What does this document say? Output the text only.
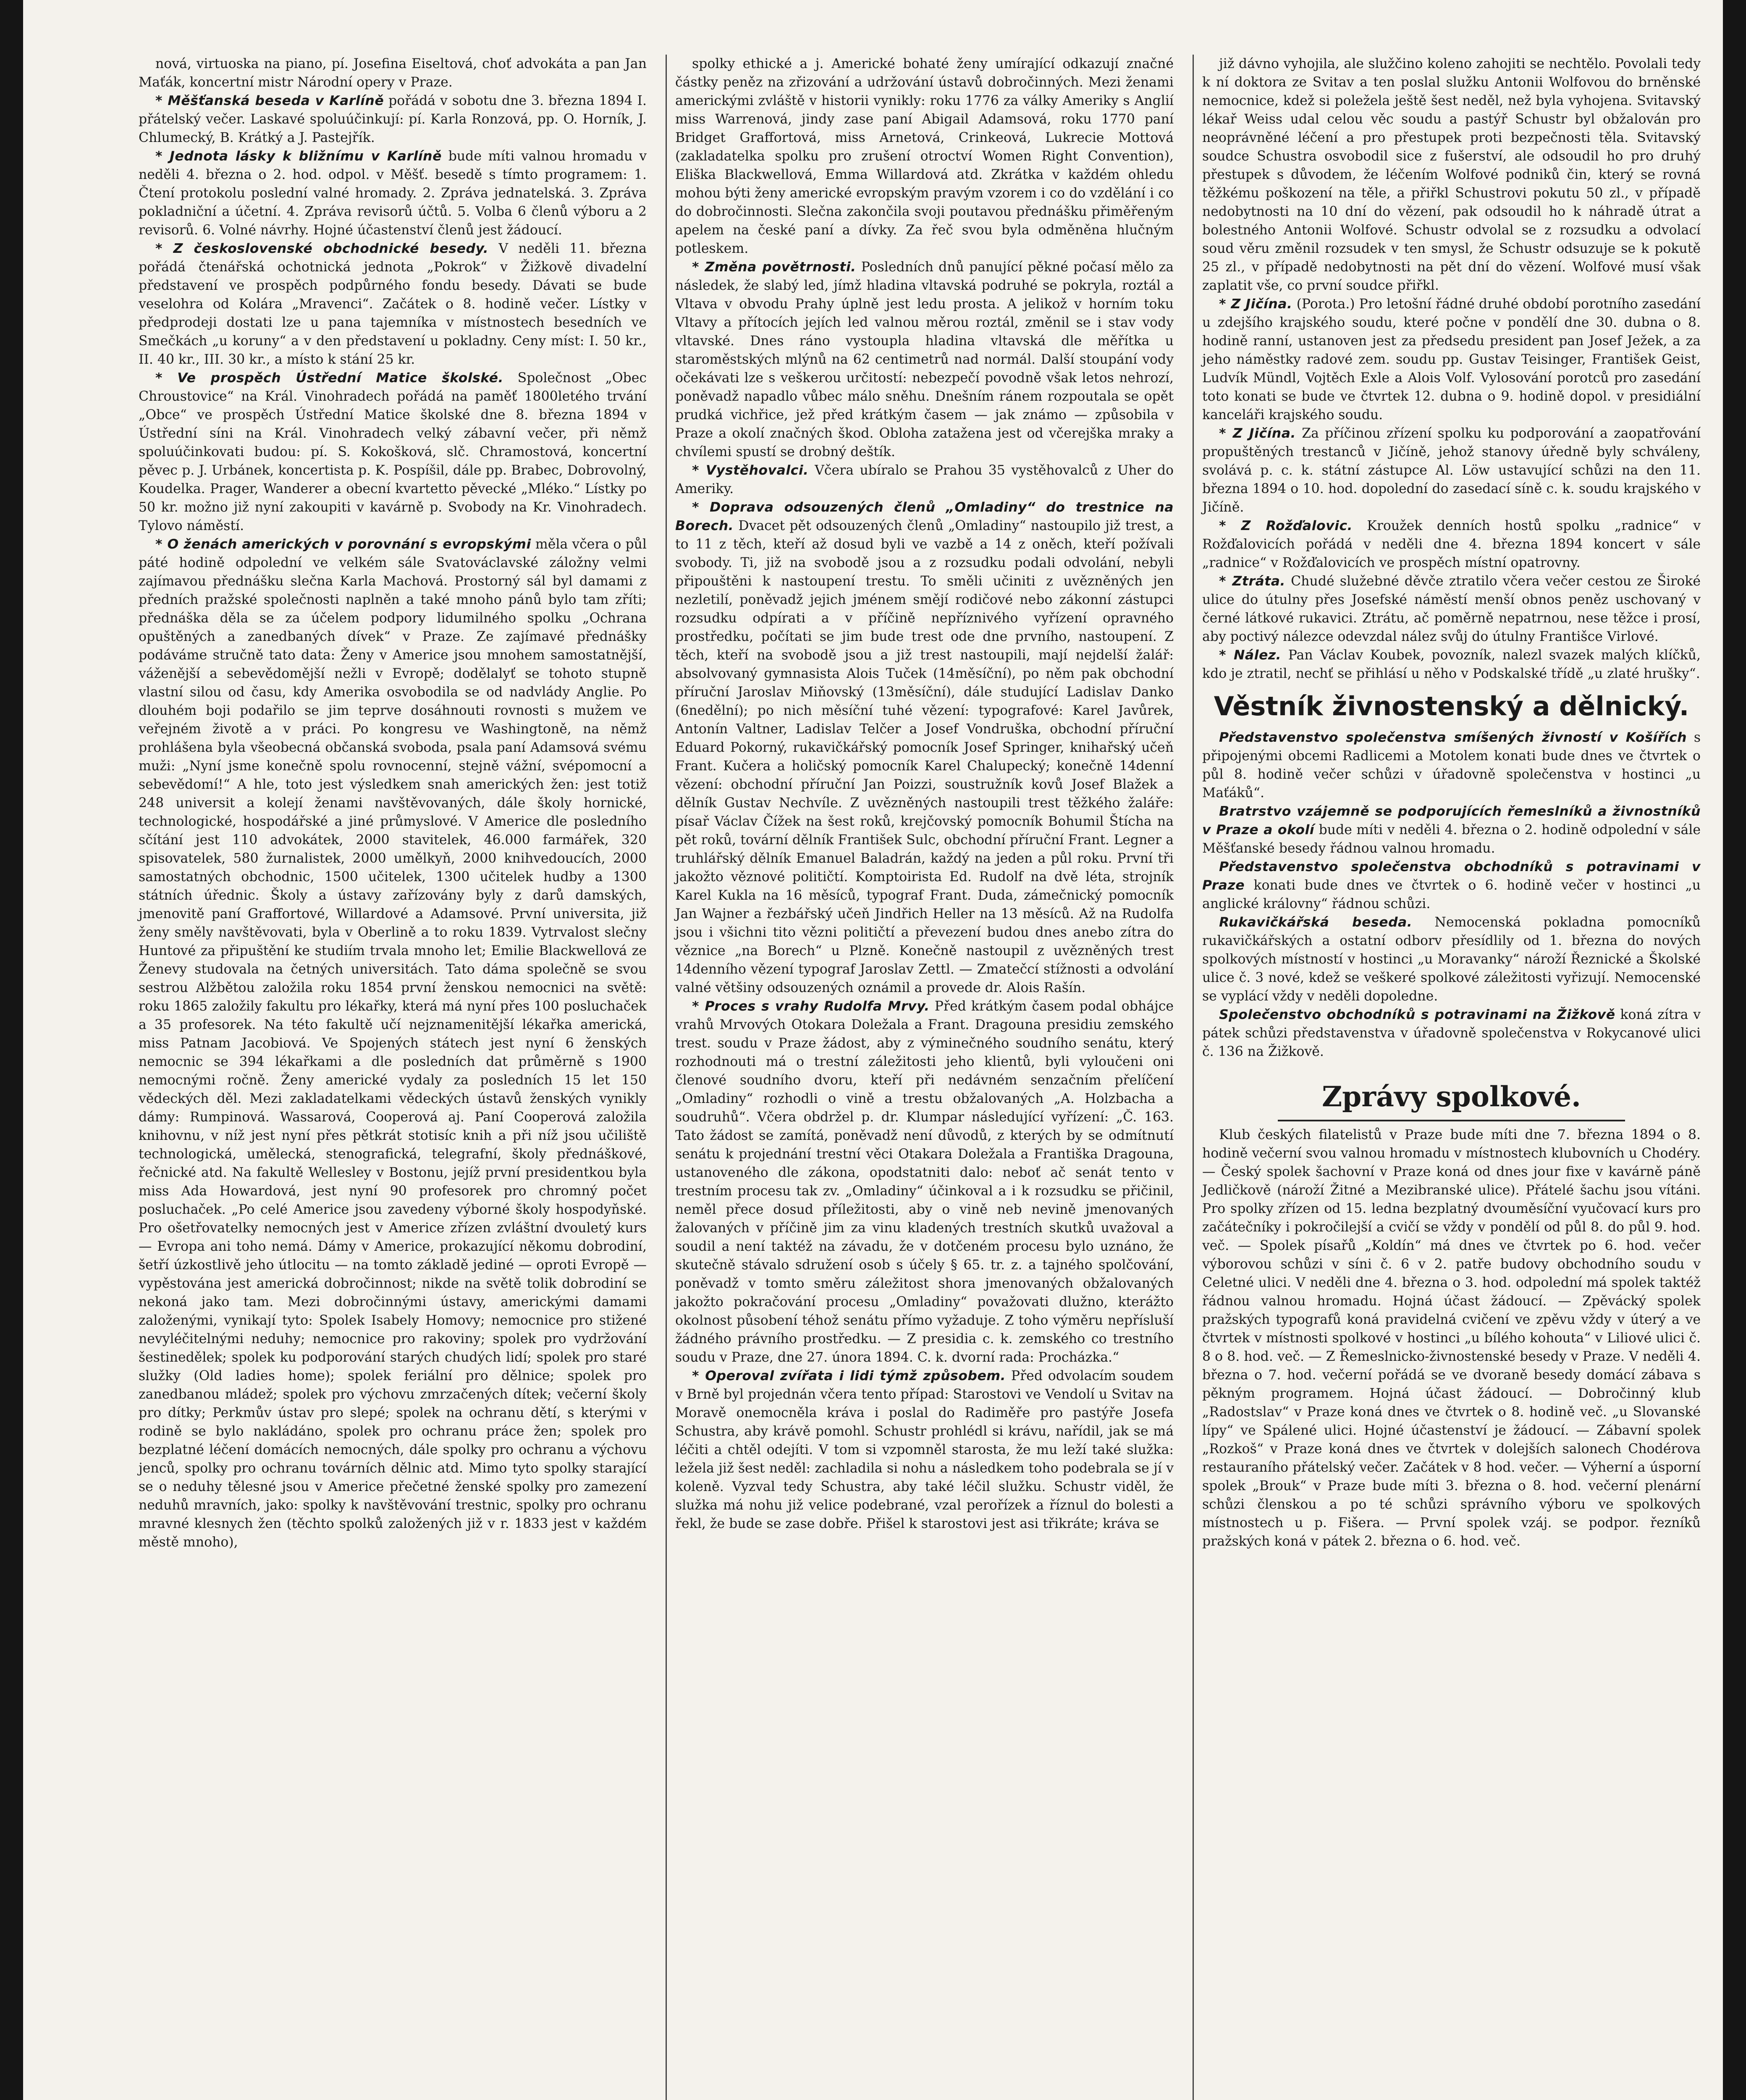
nová, virtuoska na piano, pí. Josefina Eiseltová, choť advokáta a pan Jan Maťák, koncertní mistr Národní opery v Praze.

* Měšťanská beseda v Karlíně pořádá v sobotu dne 3. března 1894 I. přátelský večer. Laskavé spoluúčinkují: pí. Karla Ronzová, pp. O. Horník, J. Chlumecký, B. Krátký a J. Pastejřík.

* Jednota lásky k bližnímu v Karlíně bude míti valnou hromadu v neděli 4. března o 2. hod. odpol. v Měšť. besedě s tímto programem: 1. Čtení protokolu poslední valné hromady. 2. Zpráva jednatelská. 3. Zpráva pokladniční a účetní. 4. Zpráva revisorů účtů. 5. Volba 6 členů výboru a 2 revisorů. 6. Volné návrhy. Hojné účastenství členů jest žádoucí.

* Z československé obchodnické besedy. V neděli 11. března pořádá čtenářská ochotnická jednota „Pokrok“ v Žižkově divadelní představení ve prospěch podpůrného fondu besedy. Dávati se bude veselohra od Kolára „Mravenci“. Začátek o 8. hodině večer. Lístky v předprodeji dostati lze u pana tajemníka v místnostech besedních ve Smečkách „u koruny“ a v den představení u pokladny. Ceny míst: I. 50 kr., II. 40 kr., III. 30 kr., a místo k stání 25 kr.

* Ve prospěch Ústřední Matice školské. Společnost „Obec Chroustovice“ na Král. Vinohradech pořádá na paměť 1800letého trvání „Obce“ ve prospěch Ústřední Matice školské dne 8. března 1894 v Ústřední síni na Král. Vinohradech velký zábavní večer, při němž spoluúčinkovati budou: pí. S. Kokošková, slč. Chramostová, koncertní pěvec p. J. Urbánek, koncertista p. K. Pospíšil, dále pp. Brabec, Dobrovolný, Koudelka. Prager, Wanderer a obecní kvartetto pěvecké „Mléko.“ Lístky po 50 kr. možno již nyní zakoupiti v kavárně p. Svobody na Kr. Vinohradech. Tylovo náměstí.

* O ženách amerických v porovnání s evropskými měla včera o půl páté hodině odpolední ve velkém sále Svatováclavské záložny velmi zajímavou přednášku slečna Karla Machová. Prostorný sál byl damami z předních pražské společnosti naplněn a také mnoho pánů bylo tam zříti; přednáška děla se za účelem podpory lidumilného spolku „Ochrana opuštěných a zanedbaných dívek“ v Praze. Ze zajímavé přednášky podáváme stručně tato data: Ženy v Americe jsou mnohem samostatnější, váženější a sebevědomější nežli v Evropě; dodělalyť se tohoto stupně vlastní silou od času, kdy Amerika osvobodila se od nadvlády Anglie. Po dlouhém boji podařilo se jim teprve dosáhnouti rovnosti s mužem ve veřejném životě a v práci. Po kongresu ve Washingtoně, na němž prohlášena byla všeobecná občanská svoboda, psala paní Adamsová svému muži: „Nyní jsme konečně spolu rovnocenní, stejně vážní, svépomocní a sebevědomí!“ A hle, toto jest výsledkem snah amerických žen: jest totiž 248 universit a kolejí ženami navštěvovaných, dále školy hornické, technologické, hospodářské a jiné průmyslové. V Americe dle posledního sčítání jest 110 advokátek, 2000 stavitelek, 46.000 farmářek, 320 spisovatelek, 580 žurnalistek, 2000 umělkyň, 2000 knihvedoucích, 2000 samostatných obchodnic, 1500 učitelek, 1300 učitelek hudby a 1300 státních úřednic. Školy a ústavy zařízovány byly z darů damských, jmenovitě paní Graffortové, Willardové a Adamsové. První universita, již ženy směly navštěvovati, byla v Oberlině a to roku 1839. Vytrvalost slečny Huntové za připuštění ke studiím trvala mnoho let; Emilie Blackwellová ze Ženevy studovala na četných universitách. Tato dáma společně se svou sestrou Alžbětou založila roku 1854 první ženskou nemocnici na světě: roku 1865 založily fakultu pro lékařky, která má nyní přes 100 posluchaček a 35 profesorek. Na této fakultě učí nejznamenitější lékařka americká, miss Patnam Jacobiová. Ve Spojených státech jest nyní 6 ženských nemocnic se 394 lékařkami a dle posledních dat průměrně s 1900 nemocnými ročně. Ženy americké vydaly za posledních 15 let 150 vědeckých děl. Mezi zakladatelkami vědeckých ústavů ženských vynikly dámy: Rumpinová. Wassarová, Cooperová aj. Paní Cooperová založila knihovnu, v níž jest nyní přes pětkrát stotisíc knih a při níž jsou učiliště technologická, umělecká, stenografická, telegrafní, školy přednáškové, řečnické atd. Na fakultě Wellesley v Bostonu, jejíž první presidentkou byla miss Ada Howardová, jest nyní 90 profesorek pro chromný počet posluchaček. „Po celé Americe jsou zavedeny výborné školy hospodyňské. Pro ošetřovatelky nemocných jest v Americe zřízen zvláštní dvouletý kurs — Evropa ani toho nemá. Dámy v Americe, prokazující někomu dobrodiní, šetří úzkostlivě jeho útlocitu — na tomto základě jediné — oproti Evropě — vypěstována jest americká dobročinnost; nikde na světě tolik dobrodiní se nekoná jako tam. Mezi dobročinnými ústavy, americkými damami založenými, vynikají tyto: Spolek Isabely Homovy; nemocnice pro stižené nevyléčitelnými neduhy; nemocnice pro rakoviny; spolek pro vydržování šestinedělek; spolek ku podporování starých chudých lidí; spolek pro staré služky (Old ladies home); spolek feriální pro dělnice; spolek pro zanedbanou mládež; spolek pro výchovu zmrzačených dítek; večerní školy pro dítky; Perkmův ústav pro slepé; spolek na ochranu dětí, s kterými v rodině se bylo nakládáno, spolek pro ochranu práce žen; spolek pro bezplatné léčení domácích nemocných, dále spolky pro ochranu a výchovu jenců, spolky pro ochranu továrních dělnic atd. Mimo tyto spolky starající se o neduhy tělesné jsou v Americe přečetné ženské spolky pro zamezení neduhů mravních, jako: spolky k navštěvování trestnic, spolky pro ochranu mravné klesnych žen (těchto spolků založených již v r. 1833 jest v každém městě mnoho),

spolky ethické a j. Americké bohaté ženy umírající odkazují značné částky peněz na zřizování a udržování ústavů dobročinných. Mezi ženami americkými zvláště v historii vynikly: roku 1776 za války Ameriky s Anglií miss Warrenová, jindy zase paní Abigail Adamsová, roku 1770 paní Bridget Graffortová, miss Arnetová, Crinkeová, Lukrecie Mottová (zakladatelka spolku pro zrušení otroctví Women Right Convention), Eliška Blackwellová, Emma Willardová atd. Zkrátka v každém ohledu mohou býti ženy americké evropským pravým vzorem i co do vzdělání i co do dobročinnosti. Slečna zakončila svoji poutavou přednášku přiměřeným apelem na české paní a dívky. Za řeč svou byla odměněna hlučným potleskem.

* Změna povětrnosti. Posledních dnů panující pěkné počasí mělo za následek, že slabý led, jímž hladina vltavská podruhé se pokryla, roztál a Vltava v obvodu Prahy úplně jest ledu prosta. A jelikož v horním toku Vltavy a přítocích jejích led valnou měrou roztál, změnil se i stav vody vltavské. Dnes ráno vystoupla hladina vltavská dle měřítka u staroměstských mlýnů na 62 centimetrů nad normál. Další stoupání vody očekávati lze s veškerou určitostí: nebezpečí povodně však letos nehrozí, poněvadž napadlo vůbec málo sněhu. Dnešním ránem rozpoutala se opět prudká vichřice, jež před krátkým časem — jak známo — způsobila v Praze a okolí značných škod. Obloha zatažena jest od včerejška mraky a chvílemi spustí se drobný deštík.

* Vystěhovalci. Včera ubíralo se Prahou 35 vystěhovalců z Uher do Ameriky.

* Doprava odsouzených členů „Omladiny“ do trestnice na Borech. Dvacet pět odsouzených členů „Omladiny“ nastoupilo již trest, a to 11 z těch, kteří až dosud byli ve vazbě a 14 z oněch, kteří požívali svobody. Ti, již na svobodě jsou a z rozsudku podali odvolání, nebyli připouštěni k nastoupení trestu. To směli učiniti z uvězněných jen nezletilí, poněvadž jejich jménem smějí rodičové nebo zákonní zástupci rozsudku odpírati a v příčině nepříznivého vyřízení opravného prostředku, počítati se jim bude trest ode dne prvního, nastoupení. Z těch, kteří na svobodě jsou a již trest nastoupili, mají nejdelší žalář: absolvovaný gymnasista Alois Tuček (14měsíční), po něm pak obchodní příruční Jaroslav Miňovský (13měsíční), dále studující Ladislav Danko (6nedělní); po nich měsíční tuhé vězení: typografové: Karel Javůrek, Antonín Valtner, Ladislav Telčer a Josef Vondruška, obchodní příruční Eduard Pokorný, rukavičkářský pomocník Josef Springer, knihařský učeň Frant. Kučera a holičský pomocník Karel Chalupecký; konečně 14denní vězení: obchodní příruční Jan Poizzi, soustružník kovů Josef Blažek a dělník Gustav Nechvíle. Z uvězněných nastoupili trest těžkého žaláře: písař Václav Čížek na šest roků, krejčovský pomocník Bohumil Štícha na pět roků, tovární dělník František Sulc, obchodní příruční Frant. Legner a truhlářský dělník Emanuel Baladrán, každý na jeden a půl roku. První tři jakožto věznové političtí. Komptoirista Ed. Rudolf na dvě léta, strojník Karel Kukla na 16 měsíců, typograf Frant. Duda, zámečnický pomocník Jan Wajner a řezbářský učeň Jindřich Heller na 13 měsíců. Až na Rudolfa jsou i všichni tito vězni političtí a převezení budou dnes anebo zítra do věznice „na Borech“ u Plzně. Konečně nastoupil z uvězněných trest 14denního vězení typograf Jaroslav Zettl. — Zmatečcí stížnosti a odvolání valné většiny odsouzených oznámil a provede dr. Alois Rašín.

* Proces s vrahy Rudolfa Mrvy. Před krátkým časem podal obhájce vrahů Mrvových Otokara Doležala a Frant. Dragouna presidiu zemského trest. soudu v Praze žádost, aby z výminečného soudního senátu, který rozhodnouti má o trestní záležitosti jeho klientů, byli vyloučeni oni členové soudního dvoru, kteří při nedávném senzačním přelíčení „Omladiny“ rozhodli o vině a trestu obžalovaných „A. Holzbacha a soudruhů“. Včera obdržel p. dr. Klumpar následující vyřízení: „Č. 163. Tato žádost se zamítá, poněvadž není důvodů, z kterých by se odmítnutí senátu k projednání trestní věci Otakara Doležala a Františka Dragouna, ustanoveného dle zákona, opodstatniti dalo: neboť ač senát tento v trestním procesu tak zv. „Omladiny“ účinkoval a i k rozsudku se přičinil, neměl přece dosud příležitosti, aby o vině neb nevině jmenovaných žalovaných v příčině jim za vinu kladených trestních skutků uvažoval a soudil a není taktéž na závadu, že v dotčeném procesu bylo uznáno, že skutečně stávalo sdružení osob s účely § 65. tr. z. a tajného spolčování, poněvadž v tomto směru záležitost shora jmenovaných obžalovaných jakožto pokračování procesu „Omladiny“ považovati dlužno, kterážto okolnost působení téhož senátu přímo vyžaduje. Z toho výměru nepřísluší žádného právního prostředku. — Z presidia c. k. zemského co trestního soudu v Praze, dne 27. února 1894. C. k. dvorní rada: Procházka.“

* Operoval zvířata i lidi týmž způsobem. Před odvolacím soudem v Brně byl projednán včera tento případ: Starostovi ve Vendolí u Svitav na Moravě onemocněla kráva i poslal do Radiměře pro pastýře Josefa Schustra, aby krávě pomohl. Schustr prohlédl si krávu, nařídil, jak se má léčiti a chtěl odejíti. V tom si vzpomněl starosta, že mu leží také služka: ležela již šest neděl: zachladila si nohu a následkem toho podebrala se jí v koleně. Vyzval tedy Schustra, aby také léčil služku. Schustr viděl, že služka má nohu již velice podebrané, vzal perořízek a říznul do bolesti a řekl, že bude se zase dobře. Přišel k starostovi jest asi třikráte; kráva se

již dávno vyhojila, ale služčino koleno zahojiti se nechtělo. Povolali tedy k ní doktora ze Svitav a ten poslal služku Antonii Wolfovou do brněnské nemocnice, kdež si poležela ještě šest neděl, než byla vyhojena. Svitavský lékař Weiss udal celou věc soudu a pastýř Schustr byl obžalován pro neoprávněné léčení a pro přestupek proti bezpečnosti těla. Svitavský soudce Schustra osvobodil sice z fušerství, ale odsoudil ho pro druhý přestupek s důvodem, že léčením Wolfové podniků čin, který se rovná těžkému poškození na těle, a přiřkl Schustrovi pokutu 50 zl., v případě nedobytnosti na 10 dní do vězení, pak odsoudil ho k náhradě útrat a bolestného Antonii Wolfové. Schustr odvolal se z rozsudku a odvolací soud věru změnil rozsudek v ten smysl, že Schustr odsuzuje se k pokutě 25 zl., v případě nedobytnosti na pět dní do vězení. Wolfové musí však zaplatit vše, co první soudce přiřkl.

* Z Jičína. (Porota.) Pro letošní řádné druhé období porotního zasedání u zdejšího krajského soudu, které počne v pondělí dne 30. dubna o 8. hodině ranní, ustanoven jest za předsedu president pan Josef Ježek, a za jeho náměstky radové zem. soudu pp. Gustav Teisinger, František Geist, Ludvík Mündl, Vojtěch Exle a Alois Volf. Vylosování porotců pro zasedání toto konati se bude ve čtvrtek 12. dubna o 9. hodině dopol. v presidiální kanceláři krajského soudu.

* Z Jičína. Za příčinou zřízení spolku ku podporování a zaopatřování propuštěných trestanců v Jičíně, jehož stanovy úředně byly schváleny, svolává p. c. k. státní zástupce Al. Löw ustavující schůzi na den 11. března 1894 o 10. hod. dopolední do zasedací síně c. k. soudu krajského v Jičíně.

* Z Rožďalovic. Kroužek denních hostů spolku „radnice“ v Rožďalovicích pořádá v neděli dne 4. března 1894 koncert v sále „radnice“ v Rožďalovicích ve prospěch místní opatrovny.

* Ztráta. Chudé služebné děvče ztratilo včera večer cestou ze Široké ulice do útulny přes Josefské náměstí menší obnos peněz uschovaný v černé látkové rukavici. Ztrátu, ač poměrně nepatrnou, nese těžce i prosí, aby poctivý nálezce odevzdal nález svůj do útulny Františce Virlové.

* Nález. Pan Václav Koubek, povozník, nalezl svazek malých klíčků, kdo je ztratil, nechť se přihlásí u něho v Podskalské třídě „u zlaté hrušky“.

Věstník živnostenský a dělnický.

Představenstvo společenstva smíšených živností v Košířích s připojenými obcemi Radlicemi a Motolem konati bude dnes ve čtvrtek o půl 8. hodině večer schůzi v úřadovně společenstva v hostinci „u Maťáků“.

Bratrstvo vzájemně se podporujících řemeslníků a živnostníků v Praze a okolí bude míti v neděli 4. března o 2. hodině odpolední v sále Měšťanské besedy řádnou valnou hromadu.

Představenstvo společenstva obchodníků s potravinami v Praze konati bude dnes ve čtvrtek o 6. hodině večer v hostinci „u anglické královny“ řádnou schůzi.

Rukavičkářská beseda. Nemocenská pokladna pomocníků rukavičkářských a ostatní odborv přesídlily od 1. března do nových spolkových místností v hostinci „u Moravanky“ nároží Řeznické a Školské ulice č. 3 nové, kdež se veškeré spolkové záležitosti vyřizují. Nemocenské se vyplácí vždy v neděli dopoledne.

Společenstvo obchodníků s potravinami na Žižkově koná zítra v pátek schůzi představenstva v úřadovně společenstva v Rokycanové ulici č. 136 na Žižkově.

Zprávy spolkové.

Klub českých filatelistů v Praze bude míti dne 7. března 1894 o 8. hodině večerní svou valnou hromadu v místnostech klubovních u Chodéry. — Český spolek šachovní v Praze koná od dnes jour fixe v kavárně páně Jedličkově (nároží Žitné a Mezibranské ulice). Přátelé šachu jsou vítáni. Pro spolky zřízen od 15. ledna bezplatný dvouměsíční vyučovací kurs pro začátečníky i pokročilejší a cvičí se vždy v pondělí od půl 8. do půl 9. hod. več. — Spolek písařů „Koldín“ má dnes ve čtvrtek po 6. hod. večer výborovou schůzi v síni č. 6 v 2. patře budovy obchodního soudu v Celetné ulici. V neděli dne 4. března o 3. hod. odpolední má spolek taktéž řádnou valnou hromadu. Hojná účast žádoucí. — Zpěvácký spolek pražských typografů koná pravidelná cvičení ve zpěvu vždy v úterý a ve čtvrtek v místnosti spolkové v hostinci „u bílého kohouta“ v Liliové ulici č. 8 o 8. hod. več. — Z Řemeslnicko-živnostenské besedy v Praze. V neděli 4. března o 7. hod. večerní pořádá se ve dvoraně besedy domácí zábava s pěkným programem. Hojná účast žádoucí. — Dobročinný klub „Radostslav“ v Praze koná dnes ve čtvrtek o 8. hodině več. „u Slovanské lípy“ ve Spálené ulici. Hojné účastenství je žádoucí. — Zábavní spolek „Rozkoš“ v Praze koná dnes ve čtvrtek v dolejších salonech Chodérova restauraního přátelský večer. Začátek v 8 hod. večer. — Výherní a úsporní spolek „Brouk“ v Praze bude míti 3. března o 8. hod. večerní plenární schůzi členskou a po té schůzi správního výboru ve spolkových místnostech u p. Fišera. — První spolek vzáj. se podpor. řezníků pražských koná v pátek 2. března o 6. hod. več.
